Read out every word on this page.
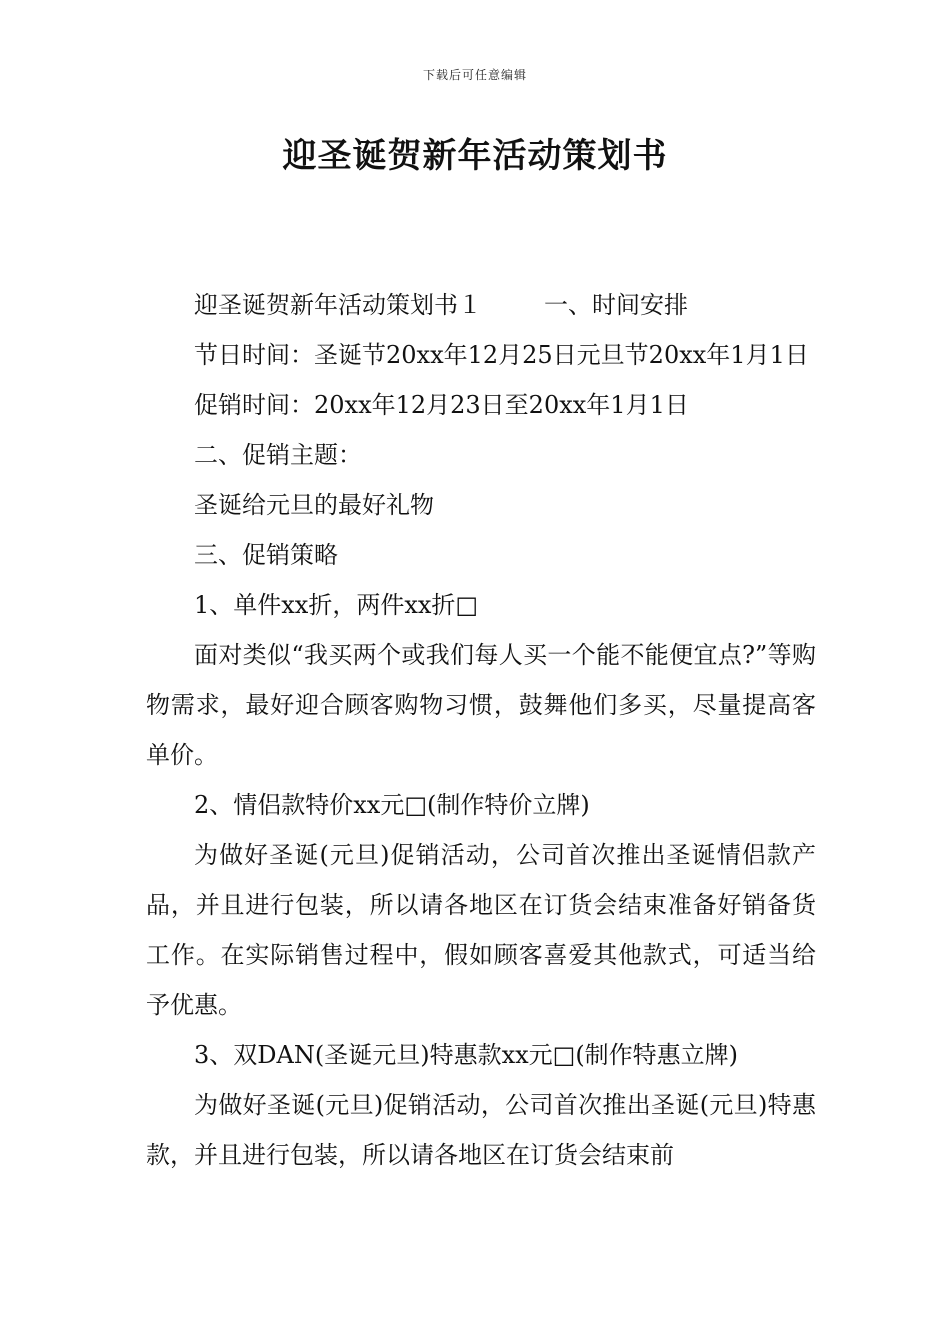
下载后可任意编辑
迎圣诞贺新年活动策划书

迎圣诞贺新年活动策划书１	一、时间安排

节日时间：圣诞节20xx年12月25日元旦节20xx年1月1日

促销时间：20xx年12月23日至20xx年1月1日

二、促销主题：

圣诞给元旦的最好礼物

三、促销策略

1、单件xx折，两件xx折□

面对类似“我买两个或我们每人买一个能不能便宜点?”等购物需求，最好迎合顾客购物习惯，鼓舞他们多买，尽量提高客单价。

2、情侣款特价xx元□(制作特价立牌)

为做好圣诞(元旦)促销活动，公司首次推出圣诞情侣款产品，并且进行包装，所以请各地区在订货会结束准备好销备货工作。在实际销售过程中，假如顾客喜爱其他款式，可适当给予优惠。

3、双DAN(圣诞元旦)特惠款xx元□(制作特惠立牌)

为做好圣诞(元旦)促销活动，公司首次推出圣诞(元旦)特惠款，并且进行包装，所以请各地区在订货会结束前
